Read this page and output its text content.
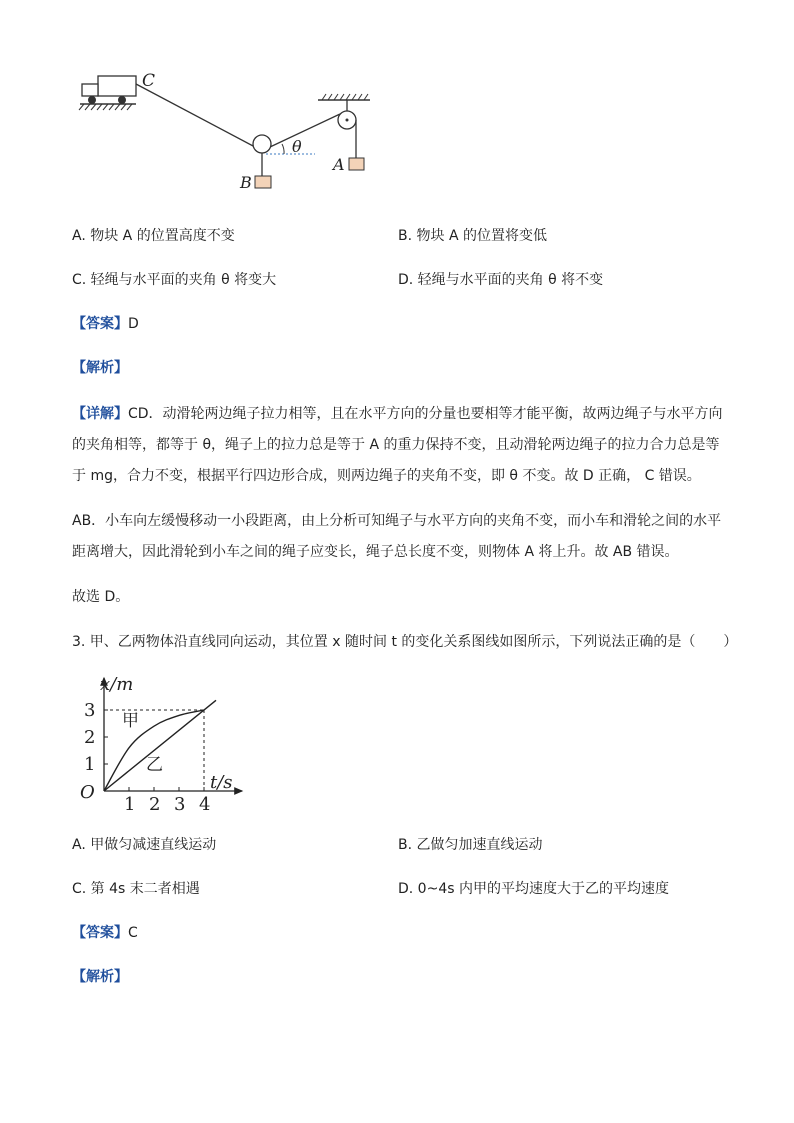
C
θ
A
B
A. 物块 A 的位置高度不变	B. 物块 A 的位置将变低
C. 轻绳与水平面的夹角 θ 将变大	D. 轻绳与水平面的夹角 θ 将不变
【答案】D
【解析】
【详解】CD．动滑轮两边绳子拉力相等，且在水平方向的分量也要相等才能平衡，故两边绳子与水平方向
的夹角相等，都等于 θ，绳子上的拉力总是等于 A 的重力保持不变，且动滑轮两边绳子的拉力合力总是等
于 mg，合力不变，根据平行四边形合成，则两边绳子的夹角不变，即 θ 不变。故 D 正确， C 错误。
AB．小车向左缓慢移动一小段距离，由上分析可知绳子与水平方向的夹角不变，而小车和滑轮之间的水平
距离增大，因此滑轮到小车之间的绳子应变长，绳子总长度不变，则物体 A 将上升。故 AB 错误。
故选 D。
3. 甲、乙两物体沿直线同向运动，其位置 x 随时间 t 的变化关系图线如图所示，下列说法正确的是（　　）
x/m
t/s
O
1 2 3 4
1
2
3 甲
乙
A. 甲做匀减速直线运动	B. 乙做匀加速直线运动
C. 第 4s 末二者相遇	D. 0~4s 内甲的平均速度大于乙的平均速度
【答案】C
【解析】
